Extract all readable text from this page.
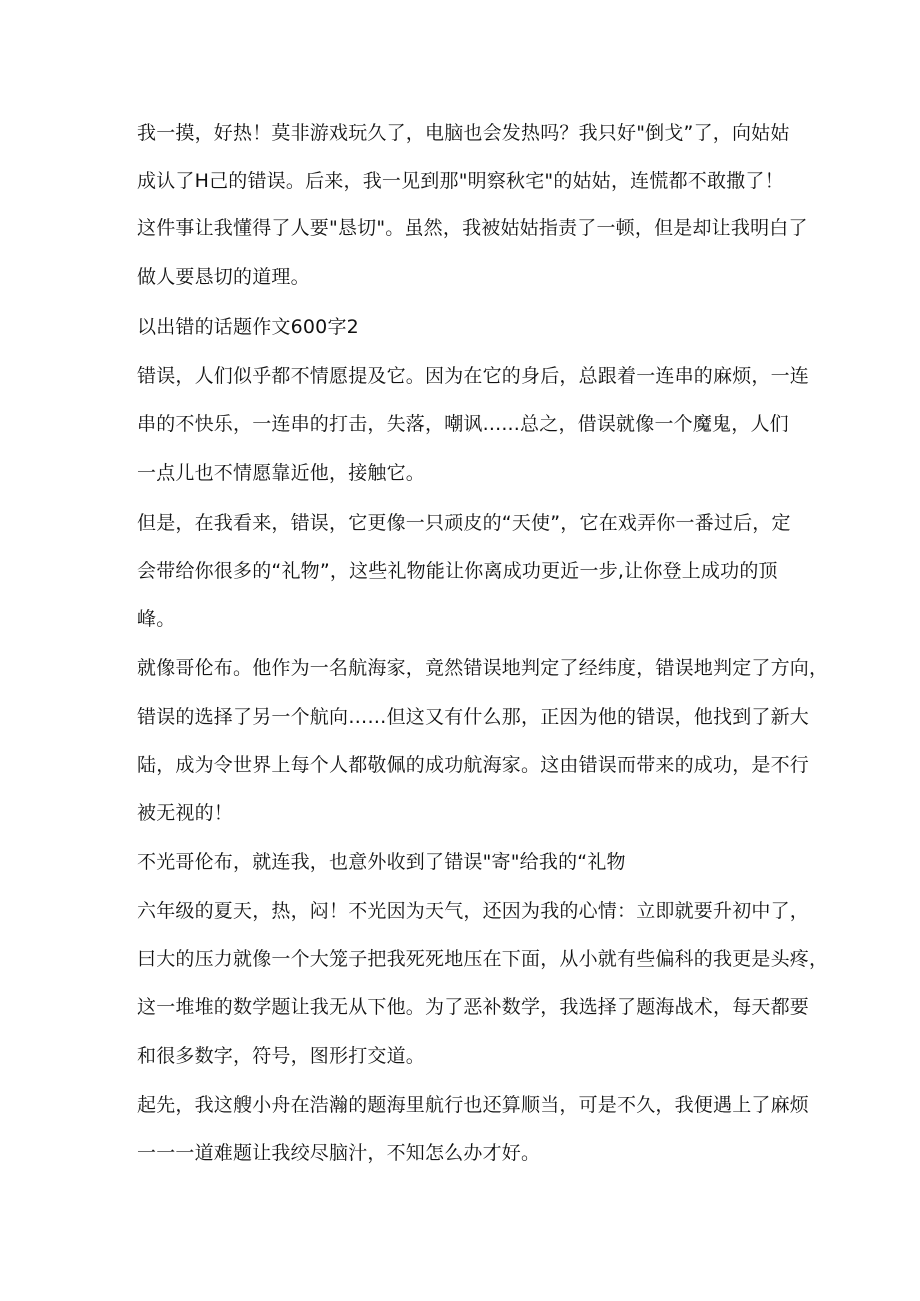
我一摸，好热！莫非游戏玩久了，电脑也会发热吗？我只好"倒戈”了，向姑姑
成认了H己的错误。后来，我一见到那"明察秋宅"的姑姑，连慌都不敢撒了！
这件事让我懂得了人要"恳切"。虽然，我被姑姑指责了一顿，但是却让我明白了
做人要恳切的道理。
以出错的话题作文600字2
错误，人们似乎都不情愿提及它。因为在它的身后，总跟着一连串的麻烦，一连
串的不快乐，一连串的打击，失落，嘲讽......总之，借误就像一个魔鬼，人们
一点儿也不情愿靠近他，接触它。
但是，在我看来，错误，它更像一只顽皮的“天使”，它在戏弄你一番过后，定
会带给你很多的“礼物”，这些礼物能让你离成功更近一步,让你登上成功的顶
峰。
就像哥伦布。他作为一名航海家，竟然错误地判定了经纬度，错误地判定了方向，
错误的选择了另一个航向……但这又有什么那，正因为他的错误，他找到了新大
陆，成为令世界上每个人都敬佩的成功航海家。这由错误而带来的成功，是不行
被无视的！
不光哥伦布，就连我，也意外收到了错误"寄"给我的“礼物
六年级的夏天，热，闷！不光因为天气，还因为我的心情：立即就要升初中了，
曰大的压力就像一个大笼子把我死死地压在下面，从小就有些偏科的我更是头疼，
这一堆堆的数学题让我无从下他。为了恶补数学，我选择了题海战术，每天都要
和很多数字，符号，图形打交道。
起先，我这艘小舟在浩瀚的题海里航行也还算顺当，可是不久，我便遇上了麻烦
一一一道难题让我绞尽脑汁，不知怎么办才好。
